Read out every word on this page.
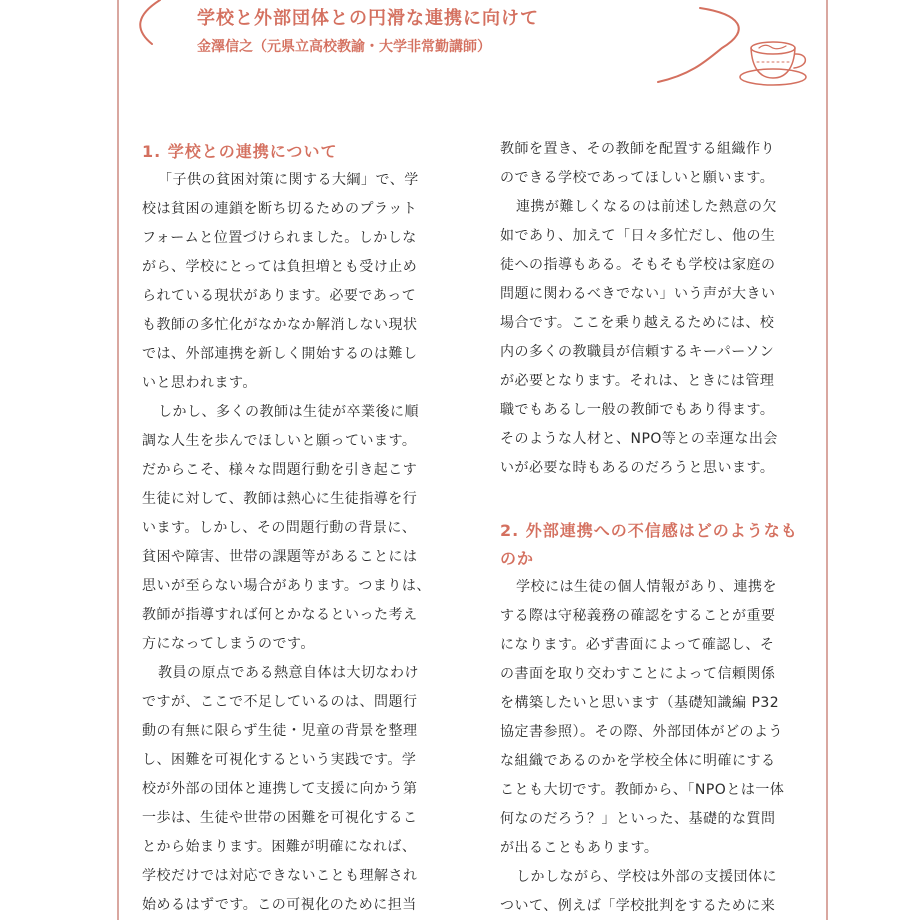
学校と外部団体との円滑な連携に向けて

金澤信之（元県立高校教諭・大学非常勤講師）

1. 学校との連携について
「子供の貧困対策に関する大綱」で、学
校は貧困の連鎖を断ち切るためのプラット
フォームと位置づけられました。しかしな
がら、学校にとっては負担増とも受け止め
られている現状があります。必要であって
も教師の多忙化がなかなか解消しない現状
では、外部連携を新しく開始するのは難し
いと思われます。
しかし、多くの教師は生徒が卒業後に順
調な人生を歩んでほしいと願っています。
だからこそ、様々な問題行動を引き起こす
生徒に対して、教師は熱心に生徒指導を行
います。しかし、その問題行動の背景に、
貧困や障害、世帯の課題等があることには
思いが至らない場合があります。つまりは、
教師が指導すれば何とかなるといった考え
方になってしまうのです。
教員の原点である熱意自体は大切なわけ
ですが、ここで不足しているのは、問題行
動の有無に限らず生徒・児童の背景を整理
し、困難を可視化するという実践です。学
校が外部の団体と連携して支援に向かう第
一歩は、生徒や世帯の困難を可視化するこ
とから始まります。困難が明確になれば、
学校だけでは対応できないことも理解され
始めるはずです。この可視化のために担当
教師を置き、その教師を配置する組織作り
のできる学校であってほしいと願います。
連携が難しくなるのは前述した熱意の欠
如であり、加えて「日々多忙だし、他の生
徒への指導もある。そもそも学校は家庭の
問題に関わるべきでない」いう声が大きい
場合です。ここを乗り越えるためには、校
内の多くの教職員が信頼するキーパーソン
が必要となります。それは、ときには管理
職でもあるし一般の教師でもあり得ます。
そのような人材と、NPO等との幸運な出会
いが必要な時もあるのだろうと思います。
2. 外部連携への不信感はどのようなも
のか
学校には生徒の個人情報があり、連携を
する際は守秘義務の確認をすることが重要
になります。必ず書面によって確認し、そ
の書面を取り交わすことによって信頼関係
を構築したいと思います（基礎知識編 P32
協定書参照）。その際、外部団体がどのよう
な組織であるのかを学校全体に明確にする
ことも大切です。教師から、「NPOとは一体
何なのだろう？」といった、基礎的な質問
が出ることもあります。
しかしながら、学校は外部の支援団体に
ついて、例えば「学校批判をするために来
